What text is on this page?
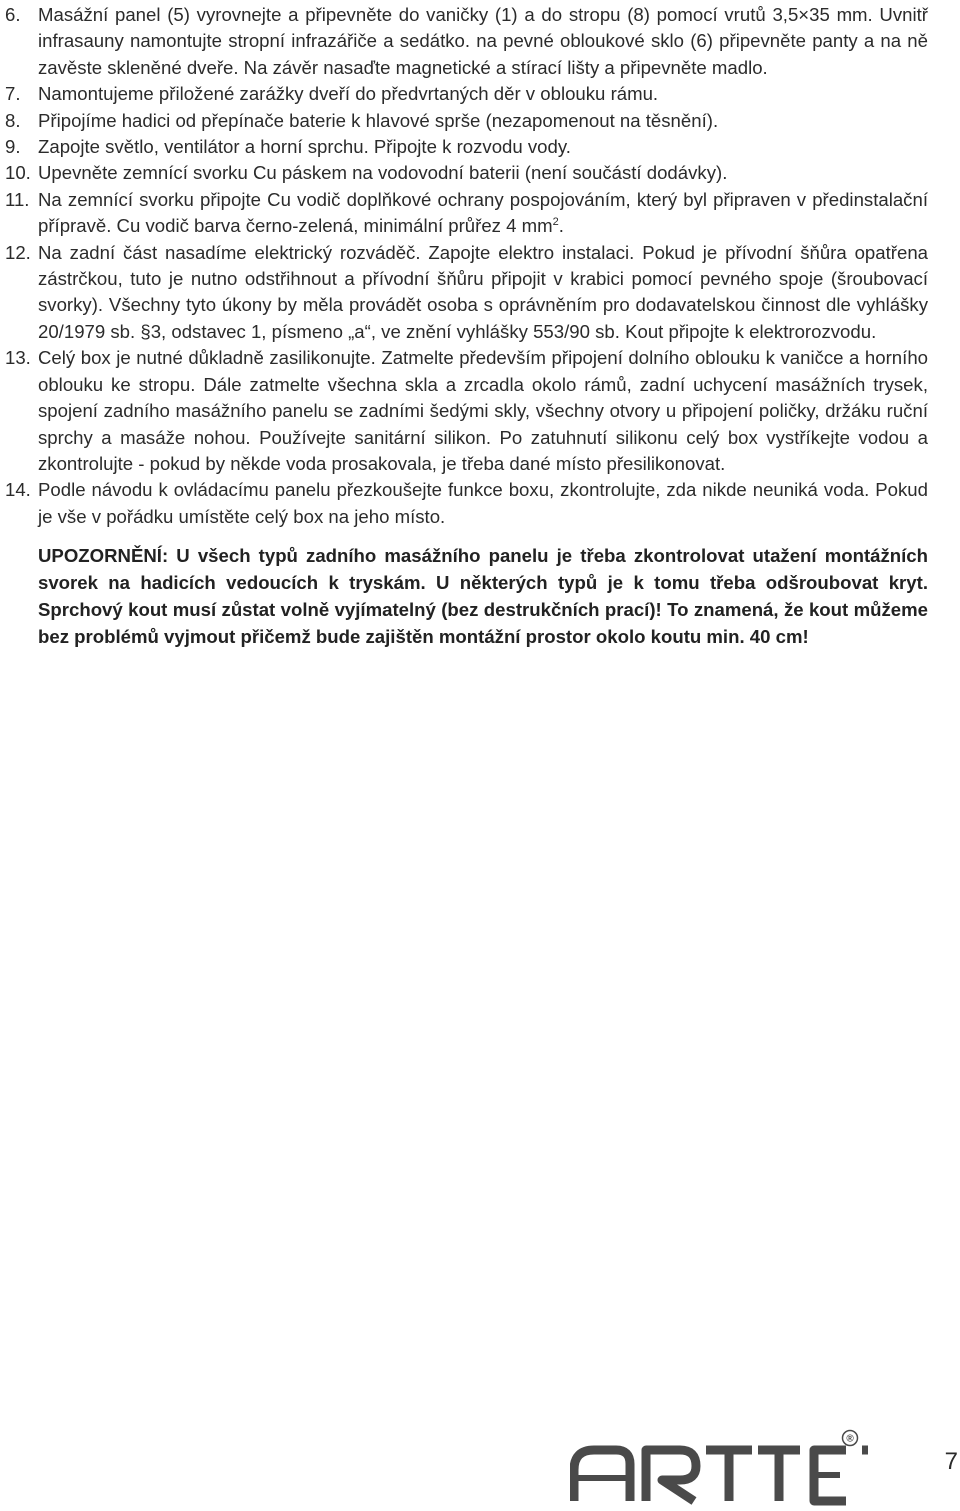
6. Masážní panel (5) vyrovnejte a připevněte do vaničky (1) a do stropu (8) pomocí vrutů 3,5×35 mm. Uvnitř infrasauny namontujte stropní infrazářiče a sedátko. na pevné obloukové sklo (6) připevněte panty a na ně zavěste skleněné dveře. Na závěr nasaďte magnetické a stírací lišty a připevněte madlo.
7. Namontujeme přiložené zarážky dveří do předvrtaných děr v oblouku rámu.
8. Připojíme hadici od přepínače baterie k hlavové sprše (nezapomenout na těsnění).
9. Zapojte světlo, ventilátor a horní sprchu. Připojte k rozvodu vody.
10. Upevněte zemnící svorku Cu páskem na vodovodní baterii (není součástí dodávky).
11. Na zemnící svorku připojte Cu vodič doplňkové ochrany pospojováním, který byl připraven v předinstalační přípravě. Cu vodič barva černo-zelená, minimální průřez 4 $mm^2$.
12. Na zadní část nasadíme elektrický rozváděč. Zapojte elektro instalaci. Pokud je přívodní šňůra opatřena zástrčkou, tuto je nutno odstřihnout a přívodní šňůru připojit v krabici pomocí pevného spoje (šroubovací svorky). Všechny tyto úkony by měla provádět osoba s oprávněním pro dodavatelskou činnost dle vyhlášky 20/1979 sb. §3, odstavec 1, písmeno „a“, ve znění vyhlášky 553/90 sb. Kout připojte k elektrorozvodu.
13. Celý box je nutné důkladně zasilikonujte. Zatmelte především připojení dolního oblouku k vaničce a horního oblouku ke stropu. Dále zatmelte všechna skla a zrcadla okolo rámů, zadní uchycení masážních trysek, spojení zadního masážního panelu se zadními šedými skly, všechny otvory u připojení poličky, držáku ruční sprchy a masáže nohou. Používejte sanitární silikon. Po zatuhnutí silikonu celý box vystříkejte vodou a zkontrolujte - pokud by někde voda prosakovala, je třeba dané místo přesilikonovat.
14. Podle návodu k ovládacímu panelu přezkoušejte funkce boxu, zkontrolujte, zda nikde neuniká voda. Pokud je vše v pořádku umístěte celý box na jeho místo.

UPOZORNĚNÍ: U všech typů zadního masážního panelu je třeba zkontrolovat utažení montážních svorek na hadicích vedoucích k tryskám. U některých typů je k tomu třeba odšroubovat kryt. Sprchový kout musí zůstat volně vyjímatelný (bez destrukčních prací)! To znamená, že kout můžeme bez problémů vyjmout přičemž bude zajištěn montážní prostor okolo koutu min. 40 cm!

®
7
